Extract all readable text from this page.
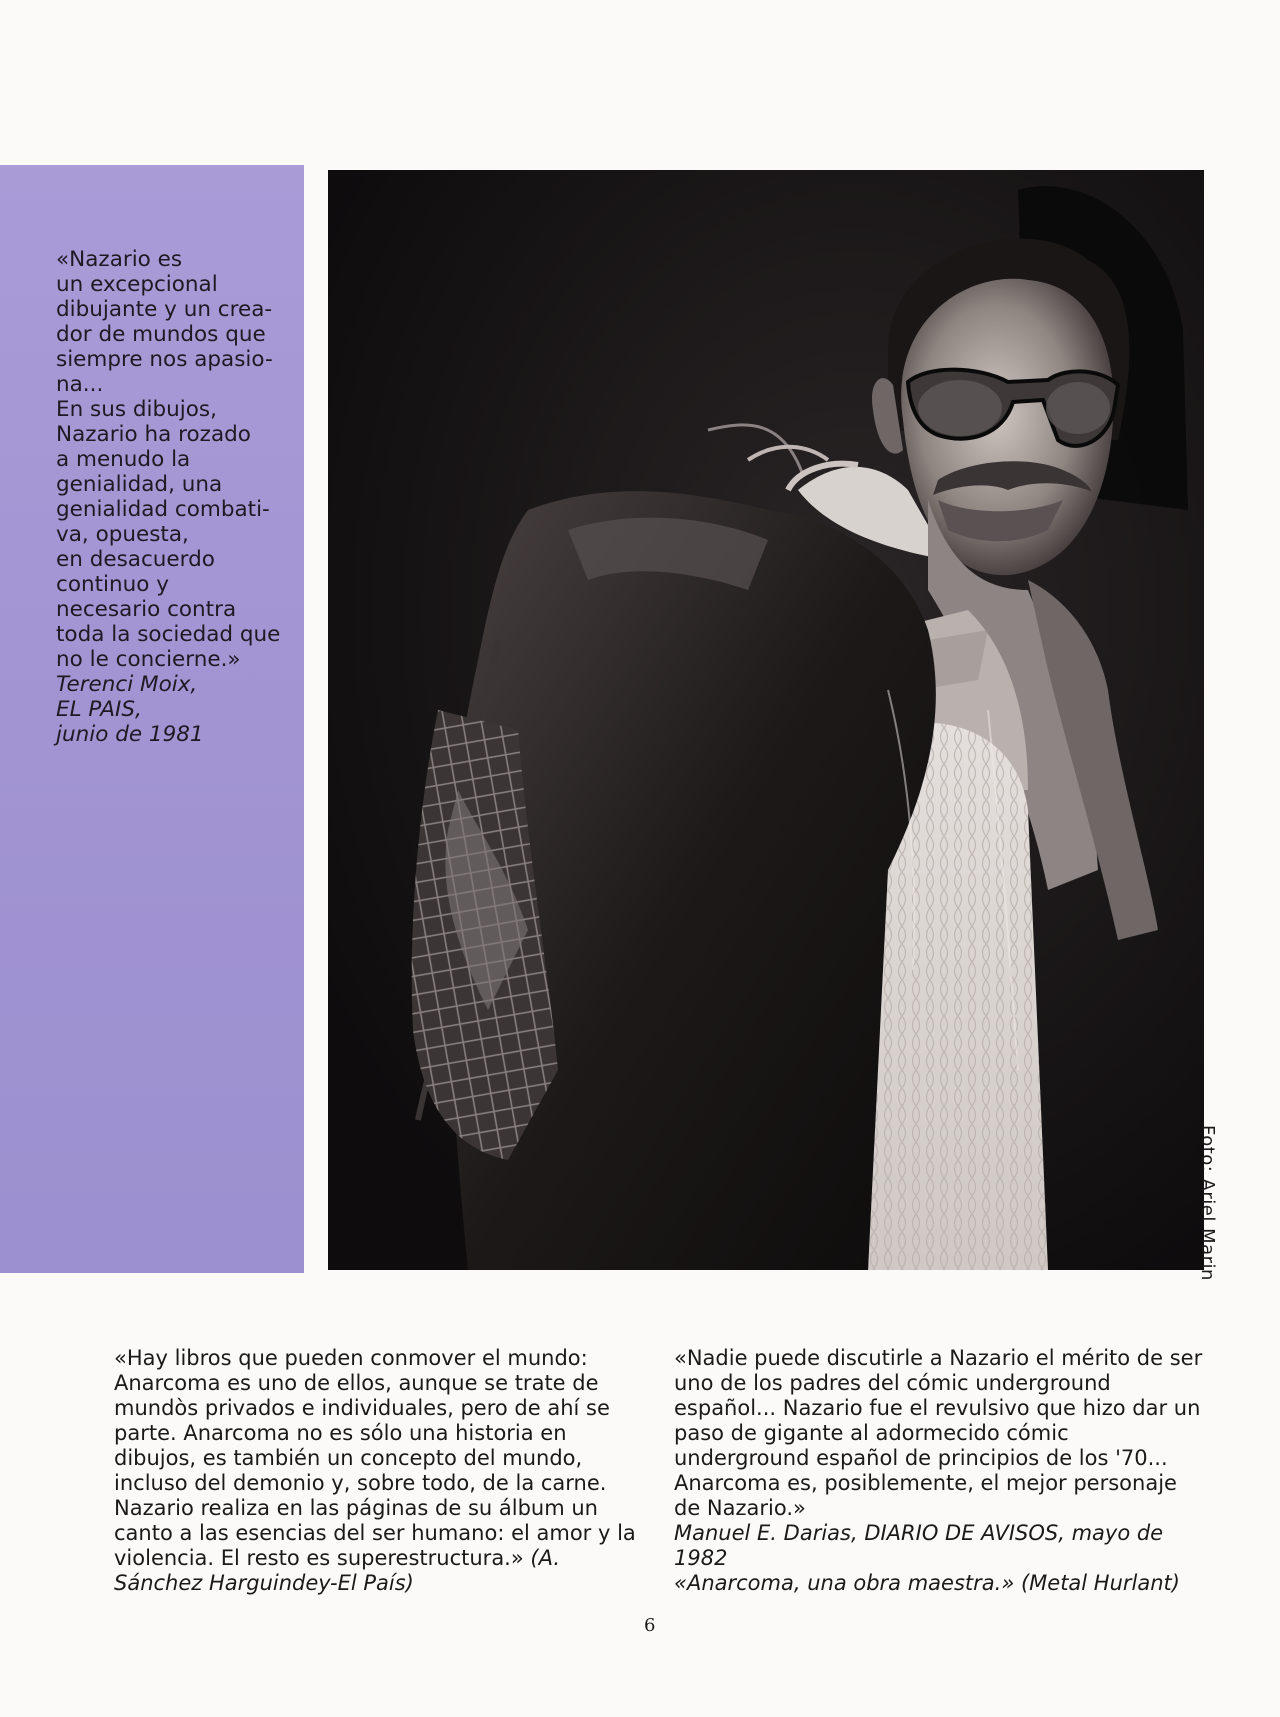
«Nazario es
un excepcional
dibujante y un crea-
dor de mundos que
siempre nos apasio-
na...
En sus dibujos,
Nazario ha rozado
a menudo la
genialidad, una
genialidad combati-
va, opuesta,
en desacuerdo
continuo y
necesario contra
toda la sociedad que
no le concierne.»
Terenci Moix,
EL PAIS,
junio de 1981
Foto: Ariel Marin
«Hay libros que pueden conmover el mundo:
Anarcoma es uno de ellos, aunque se trate de
mundòs privados e individuales, pero de ahí se
parte. Anarcoma no es sólo una historia en
dibujos, es también un concepto del mundo,
incluso del demonio y, sobre todo, de la carne.
Nazario realiza en las páginas de su álbum un
canto a las esencias del ser humano: el amor y la
violencia. El resto es superestructura.» (A.
Sánchez Harguindey-El País)
«Nadie puede discutirle a Nazario el mérito de ser
uno de los padres del cómic underground
español... Nazario fue el revulsivo que hizo dar un
paso de gigante al adormecido cómic
underground español de principios de los '70...
Anarcoma es, posiblemente, el mejor personaje
de Nazario.»
Manuel E. Darias, DIARIO DE AVISOS, mayo de
1982
«Anarcoma, una obra maestra.» (Metal Hurlant)
6
